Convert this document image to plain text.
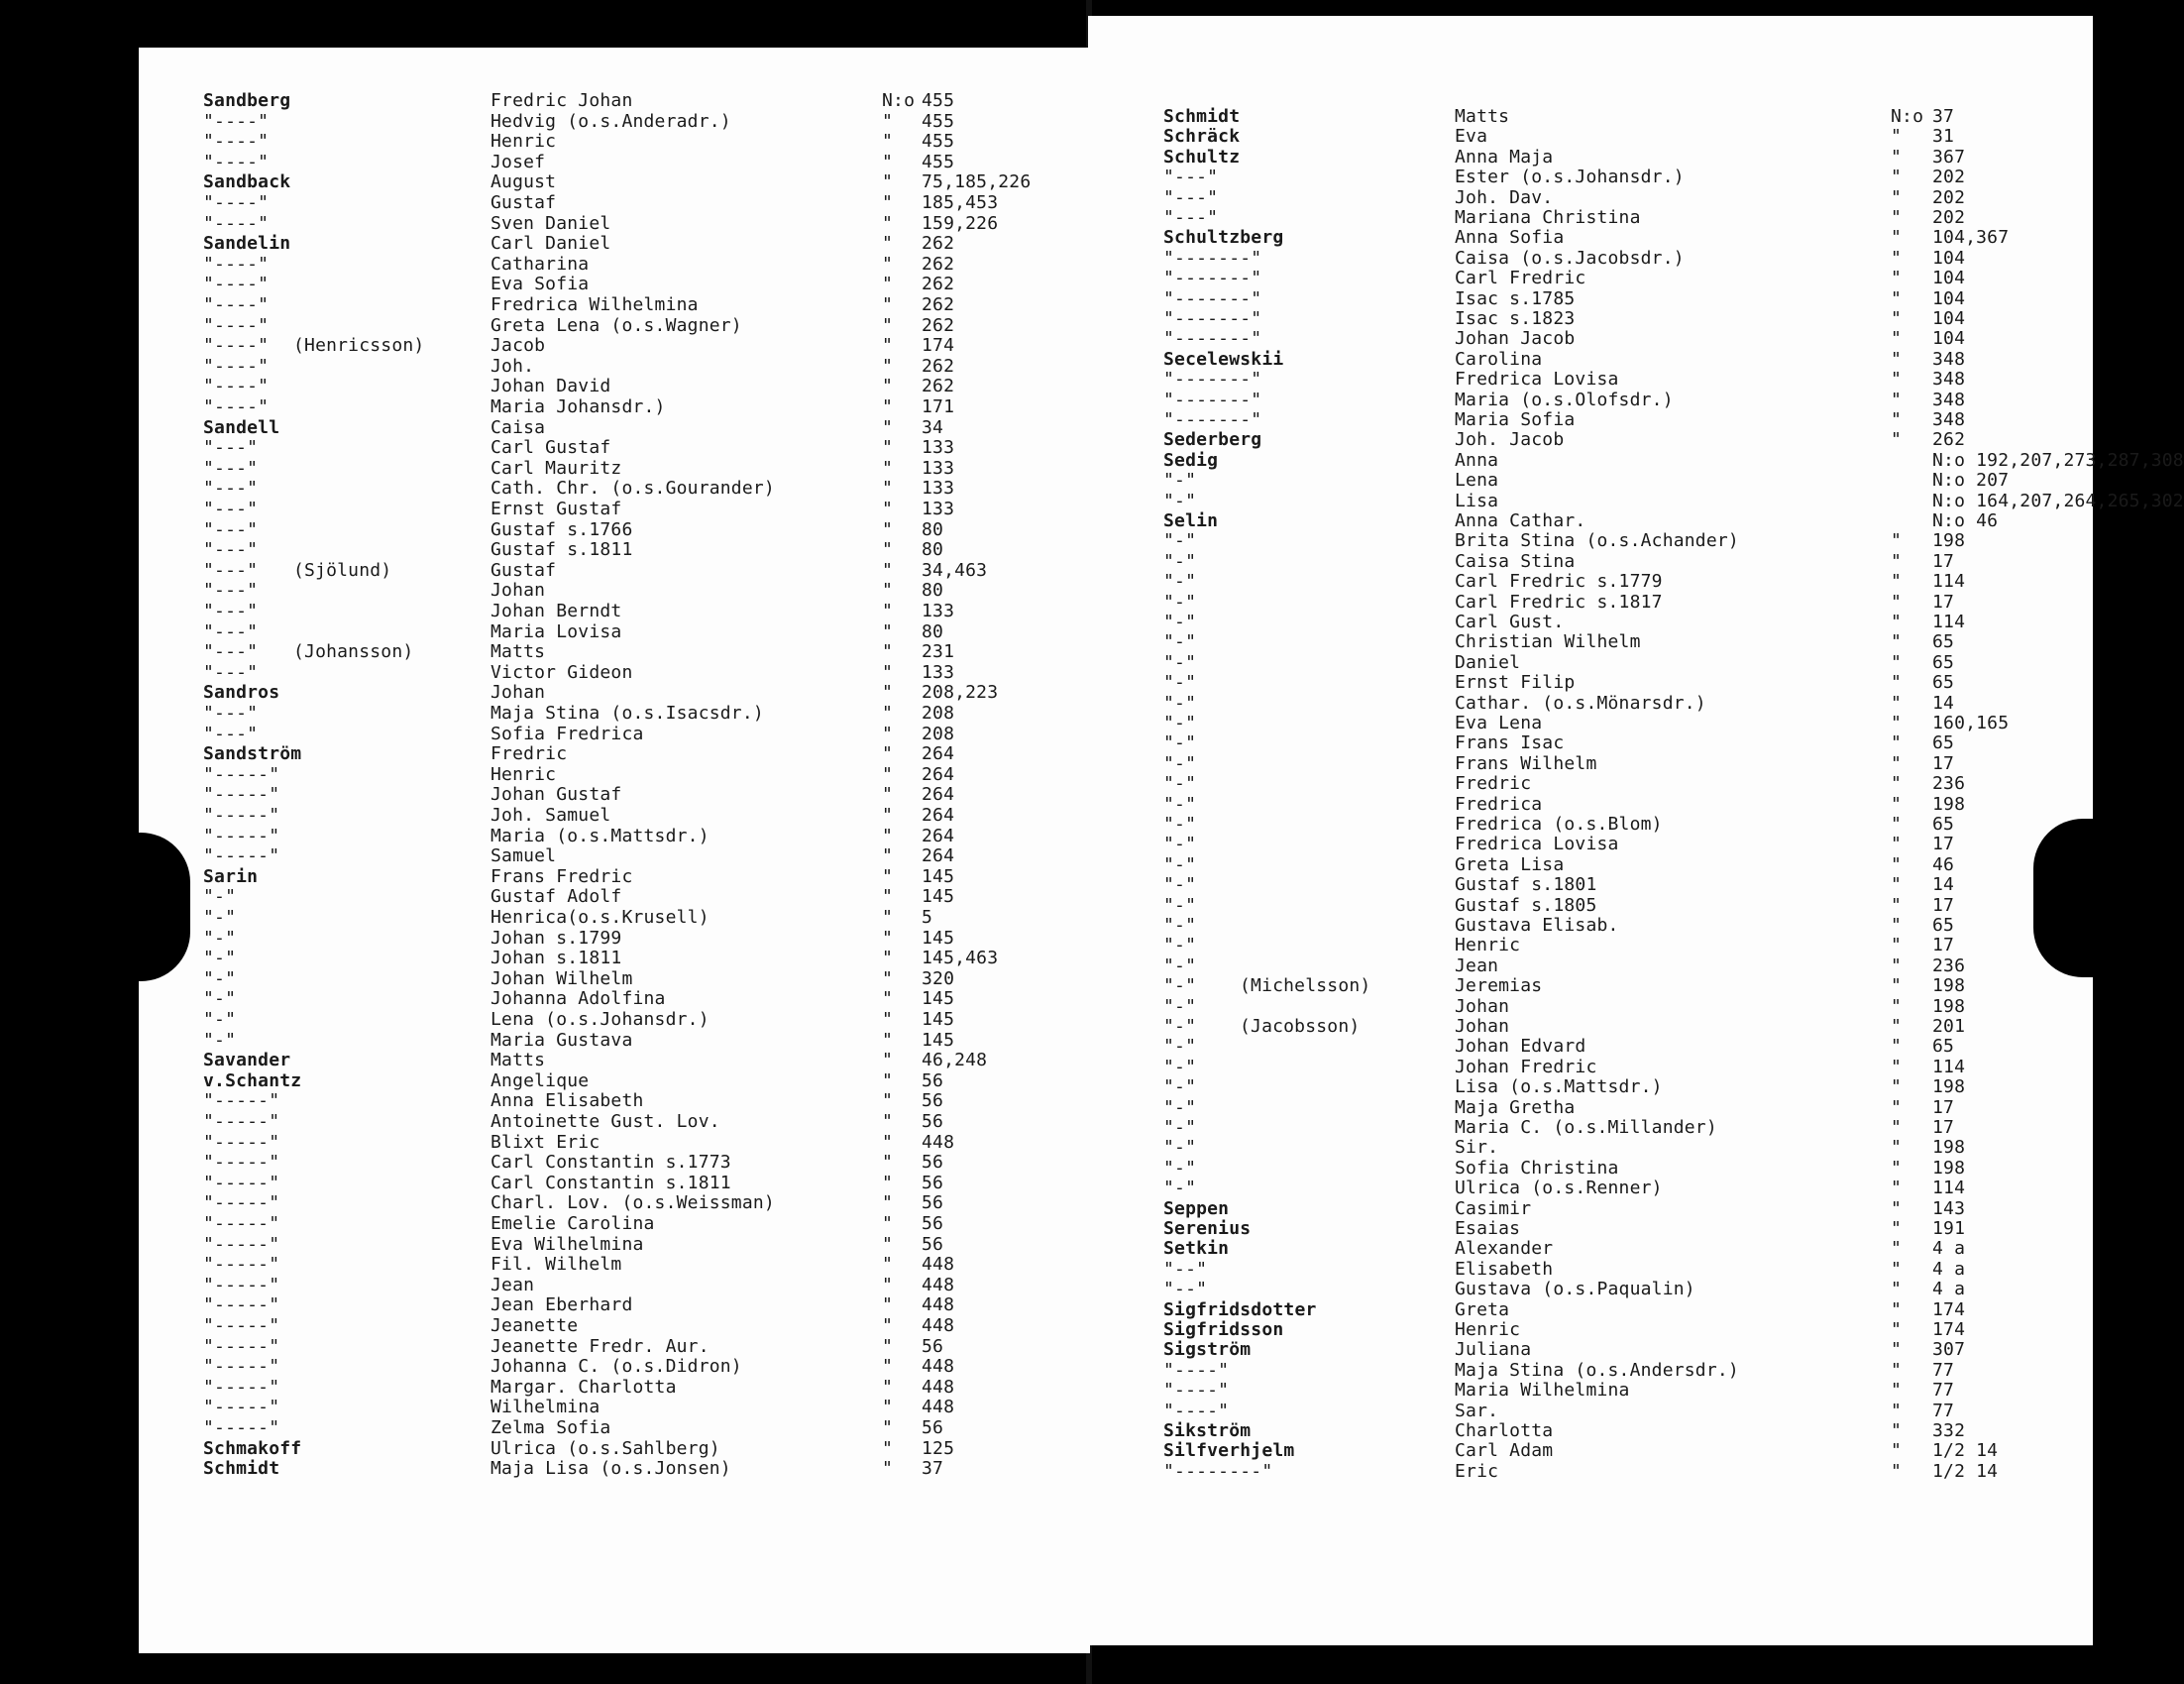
Sandberg	Fredric Johan	N:o 455
"----"	Hedvig (o.s.Anderadr.)	" 455
"----"	Henric	" 455
"----"	Josef	" 455
Sandback	August	" 75,185,226
"----"	Gustaf	" 185,453
"----"	Sven Daniel	" 159,226
Sandelin	Carl Daniel	" 262
"----"	Catharina	" 262
"----"	Eva Sofia	" 262
"----"	Fredrica Wilhelmina	" 262
"----"	Greta Lena (o.s.Wagner)	" 262
"----" (Henricsson)	Jacob	" 174
"----"	Joh.	" 262
"----"	Johan David	" 262
"----"	Maria Johansdr.)	" 171
Sandell	Caisa	" 34
"---"	Carl Gustaf	" 133
"---"	Carl Mauritz	" 133
"---"	Cath. Chr. (o.s.Gourander)	" 133
"---"	Ernst Gustaf	" 133
"---"	Gustaf s.1766	" 80
"---"	Gustaf s.1811	" 80
"---" (Sjölund)	Gustaf	" 34,463
"---"	Johan	" 80
"---"	Johan Berndt	" 133
"---"	Maria Lovisa	" 80
"---" (Johansson)	Matts	" 231
"---"	Victor Gideon	" 133
Sandros	Johan	" 208,223
"---"	Maja Stina (o.s.Isacsdr.)	" 208
"---"	Sofia Fredrica	" 208
Sandström	Fredric	" 264
"-----"	Henric	" 264
"-----"	Johan Gustaf	" 264
"-----"	Joh. Samuel	" 264
"-----"	Maria (o.s.Mattsdr.)	" 264
"-----"	Samuel	" 264
Sarin	Frans Fredric	" 145
"-"	Gustaf Adolf	" 145
"-"	Henrica(o.s.Krusell)	" 5
"-"	Johan s.1799	" 145
"-"	Johan s.1811	" 145,463
"-"	Johan Wilhelm	" 320
"-"	Johanna Adolfina	" 145
"-"	Lena (o.s.Johansdr.)	" 145
"-"	Maria Gustava	" 145
Savander	Matts	" 46,248
v.Schantz	Angelique	" 56
"-----"	Anna Elisabeth	" 56
"-----"	Antoinette Gust. Lov.	" 56
"-----"	Blixt Eric	" 448
"-----"	Carl Constantin s.1773	" 56
"-----"	Carl Constantin s.1811	" 56
"-----"	Charl. Lov. (o.s.Weissman)	" 56
"-----"	Emelie Carolina	" 56
"-----"	Eva Wilhelmina	" 56
"-----"	Fil. Wilhelm	" 448
"-----"	Jean	" 448
"-----"	Jean Eberhard	" 448
"-----"	Jeanette	" 448
"-----"	Jeanette Fredr. Aur.	" 56
"-----"	Johanna C. (o.s.Didron)	" 448
"-----"	Margar. Charlotta	" 448
"-----"	Wilhelmina	" 448
"-----"	Zelma Sofia	" 56
Schmakoff	Ulrica (o.s.Sahlberg)	" 125
Schmidt	Maja Lisa (o.s.Jonsen)	" 37
Schmidt	Matts	N:o 37
Schräck	Eva	" 31
Schultz	Anna Maja	" 367
"---"	Ester (o.s.Johansdr.)	" 202
"---"	Joh. Dav.	" 202
"---"	Mariana Christina	" 202
Schultzberg	Anna Sofia	" 104,367
"-------"	Caisa (o.s.Jacobsdr.)	" 104
"-------"	Carl Fredric	" 104
"-------"	Isac s.1785	" 104
"-------"	Isac s.1823	" 104
"-------"	Johan Jacob	" 104
Secelewskii	Carolina	" 348
"-------"	Fredrica Lovisa	" 348
"-------"	Maria (o.s.Olofsdr.)	" 348
"-------"	Maria Sofia	" 348
Sederberg	Joh. Jacob	" 262
Sedig	Anna	N:o 192,207,273,287,308
"-"	Lena	N:o 207
"-"	Lisa	N:o 164,207,264,265,302
Selin	Anna Cathar.	N:o 46
"-"	Brita Stina (o.s.Achander)	" 198
"-"	Caisa Stina	" 17
"-"	Carl Fredric s.1779	" 114
"-"	Carl Fredric s.1817	" 17
"-"	Carl Gust.	" 114
"-"	Christian Wilhelm	" 65
"-"	Daniel	" 65
"-"	Ernst Filip	" 65
"-"	Cathar. (o.s.Mönarsdr.)	" 14
"-"	Eva Lena	" 160,165
"-"	Frans Isac	" 65
"-"	Frans Wilhelm	" 17
"-"	Fredric	" 236
"-"	Fredrica	" 198
"-"	Fredrica (o.s.Blom)	" 65
"-"	Fredrica Lovisa	" 17
"-"	Greta Lisa	" 46
"-"	Gustaf s.1801	" 14
"-"	Gustaf s.1805	" 17
"-"	Gustava Elisab.	" 65
"-"	Henric	" 17
"-"	Jean	" 236
"-" (Michelsson)	Jeremias	" 198
"-"	Johan	" 198
"-" (Jacobsson)	Johan	" 201
"-"	Johan Edvard	" 65
"-"	Johan Fredric	" 114
"-"	Lisa (o.s.Mattsdr.)	" 198
"-"	Maja Gretha	" 17
"-"	Maria C. (o.s.Millander)	" 17
"-"	Sir.	" 198
"-"	Sofia Christina	" 198
"-"	Ulrica (o.s.Renner)	" 114
Seppen	Casimir	" 143
Serenius	Esaias	" 191
Setkin	Alexander	" 4 a
"--"	Elisabeth	" 4 a
"--"	Gustava (o.s.Paqualin)	" 4 a
Sigfridsdotter	Greta	" 174
Sigfridsson	Henric	" 174
Sigström	Juliana	" 307
"----"	Maja Stina (o.s.Andersdr.)	" 77
"----"	Maria Wilhelmina	" 77
"----"	Sar.	" 77
Sikström	Charlotta	" 332
Silfverhjelm	Carl Adam	" 1/2 14
"--------"	Eric	" 1/2 14
